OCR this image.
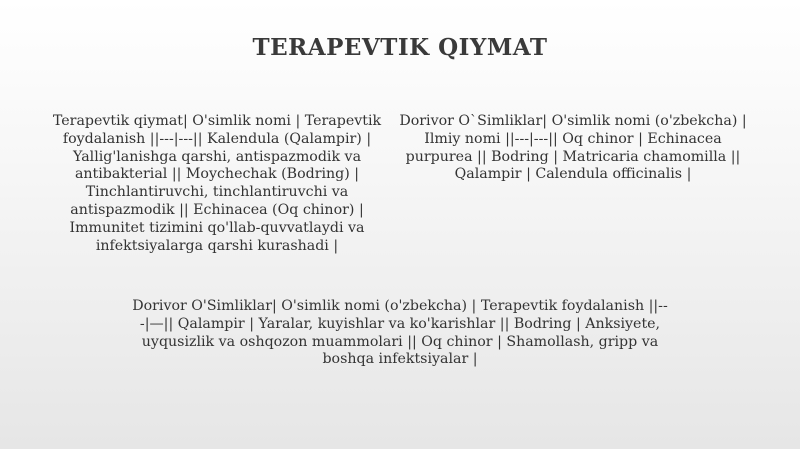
TERAPEVTIK QIYMAT
Terapevtik qiymat| O'simlik nomi | Terapevtik foydalanish ||---|---|| Kalendula (Qalampir) | Yallig'lanishga qarshi, antispazmodik va antibakterial || Moychechak (Bodring) | Tinchlantiruvchi, tinchlantiruvchi va antispazmodik || Echinacea (Oq chinor) | Immunitet tizimini qo'llab-quvvatlaydi va infektsiyalarga qarshi kurashadi |
Dorivor O`Simliklar| O'simlik nomi (o'zbekcha) | Ilmiy nomi ||---|---|| Oq chinor | Echinacea purpurea || Bodring | Matricaria chamomilla || Qalampir | Calendula officinalis |
Dorivor O'Simliklar| O'simlik nomi (o'zbekcha) | Terapevtik foydalanish ||---|—|| Qalampir | Yaralar, kuyishlar va ko'karishlar || Bodring | Anksiyete, uyqusizlik va oshqozon muammolari || Oq chinor | Shamollash, gripp va boshqa infektsiyalar |
